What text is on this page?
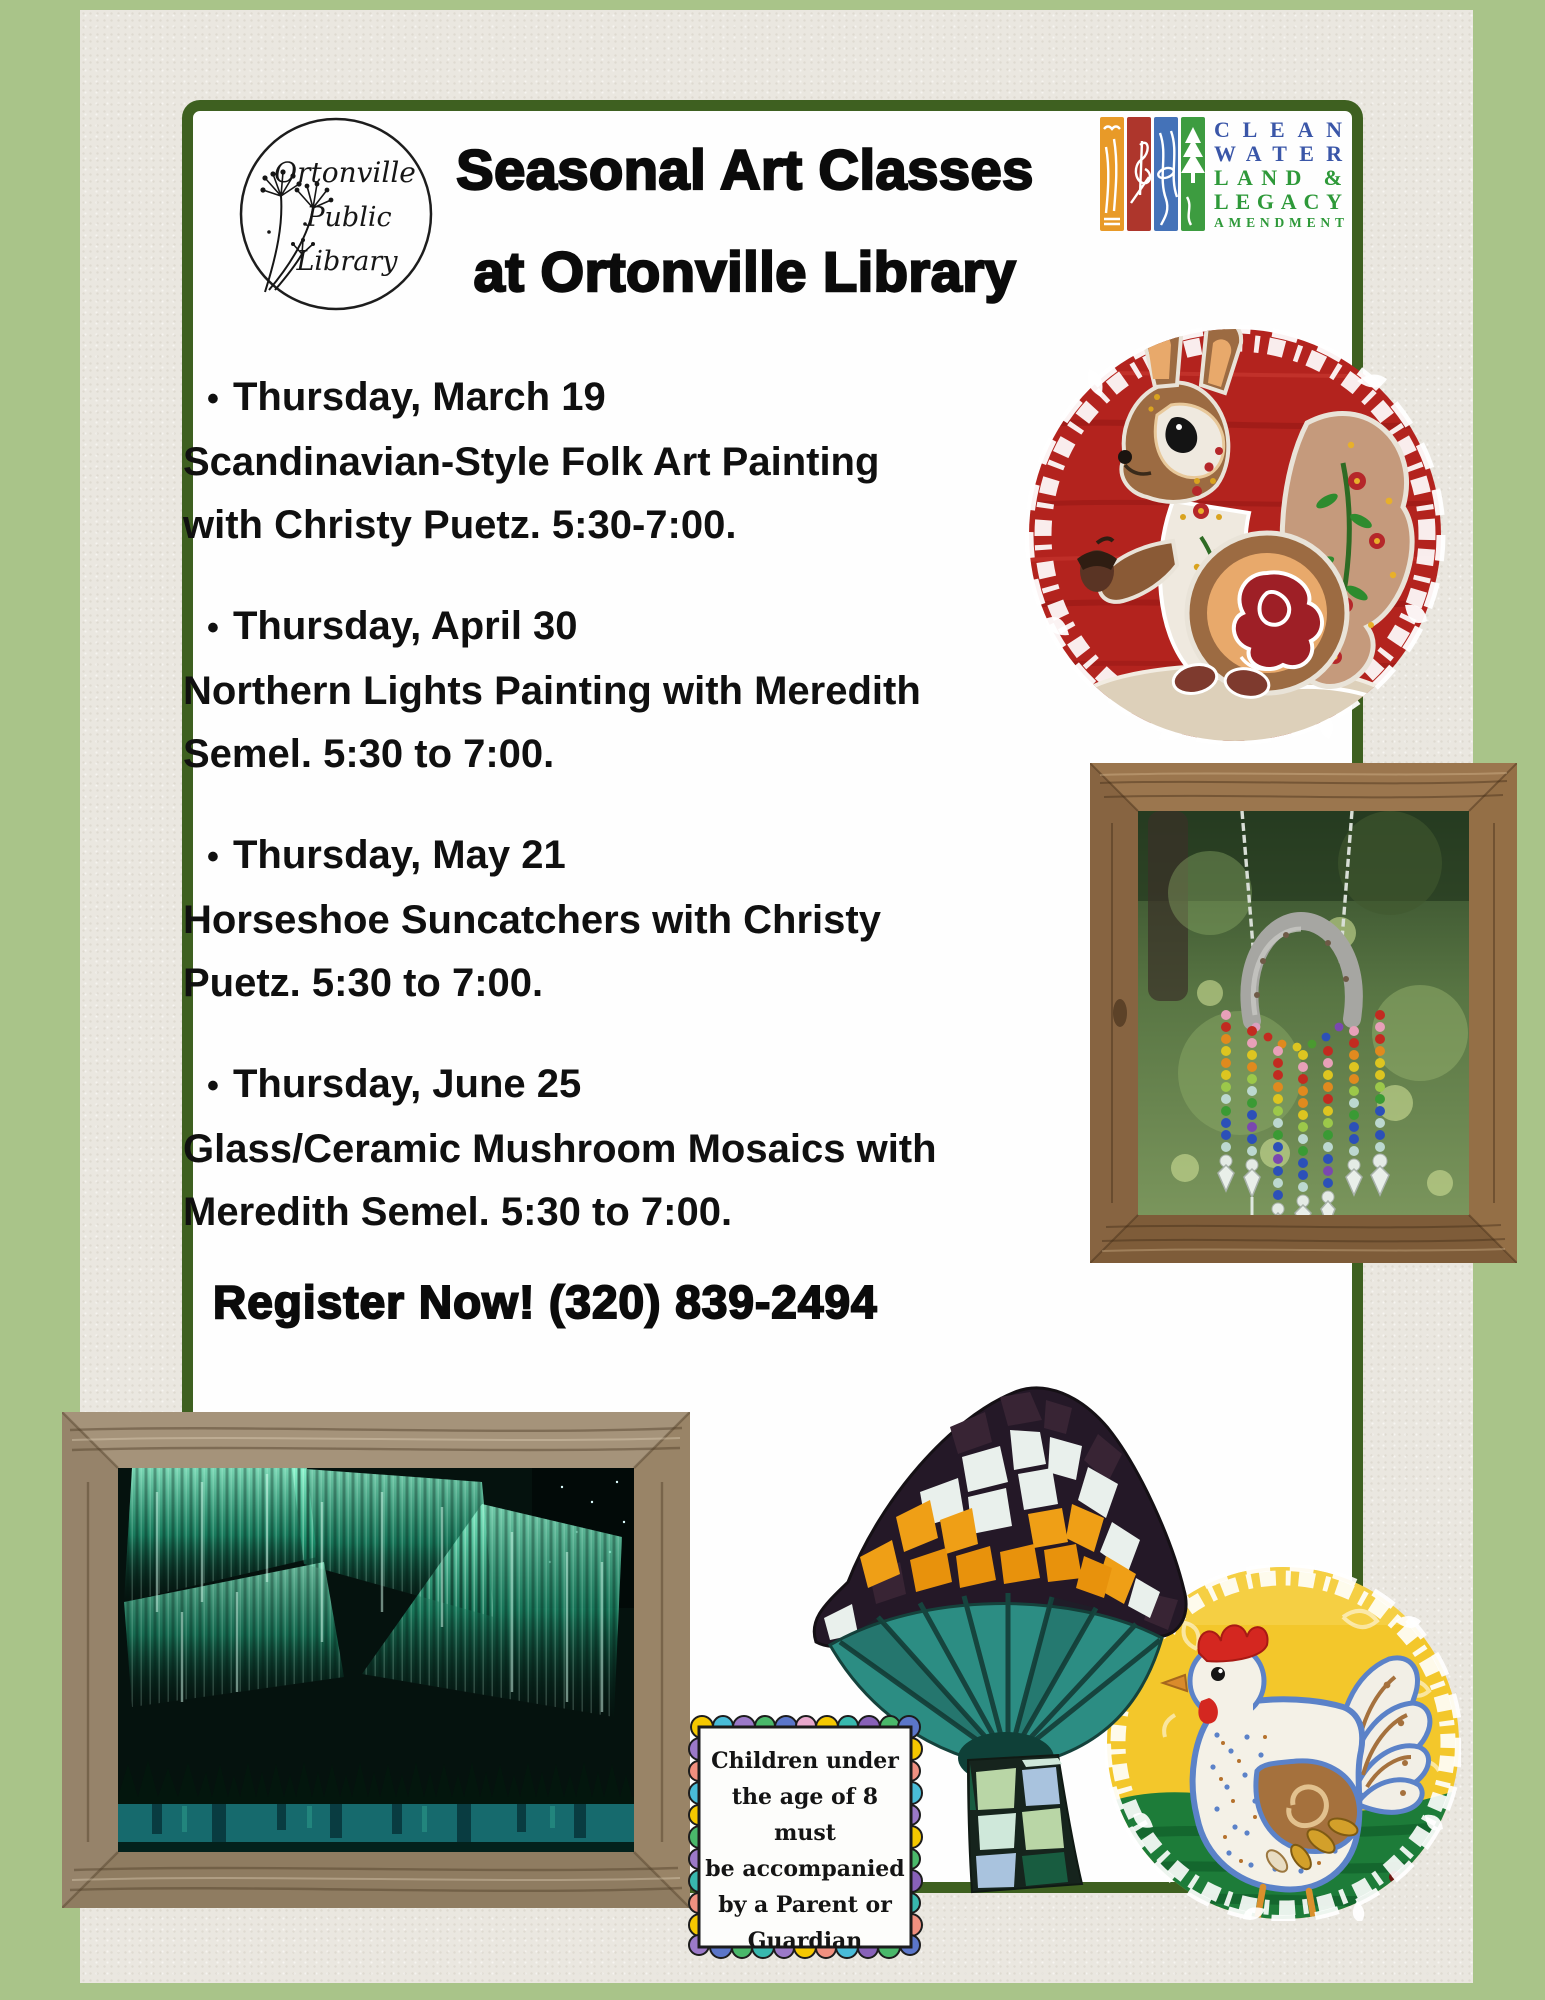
Ortonville
Public
Library
Seasonal Art Classes
at Ortonville Library
CLEAN
WATER
LAND &
LEGACY
AMENDMENT
• Thursday, March 19
Scandinavian-Style Folk Art Painting
with Christy Puetz. 5:30-7:00.
• Thursday, April 30
Northern Lights Painting with Meredith
Semel. 5:30 to 7:00.
• Thursday, May 21
Horseshoe Suncatchers with Christy
Puetz. 5:30 to 7:00.
• Thursday, June 25
Glass/Ceramic Mushroom Mosaics with
Meredith Semel. 5:30 to 7:00.
Register Now! (320) 839-2494
Children under
the age of 8 must
be accompanied
by a Parent or
Guardian
